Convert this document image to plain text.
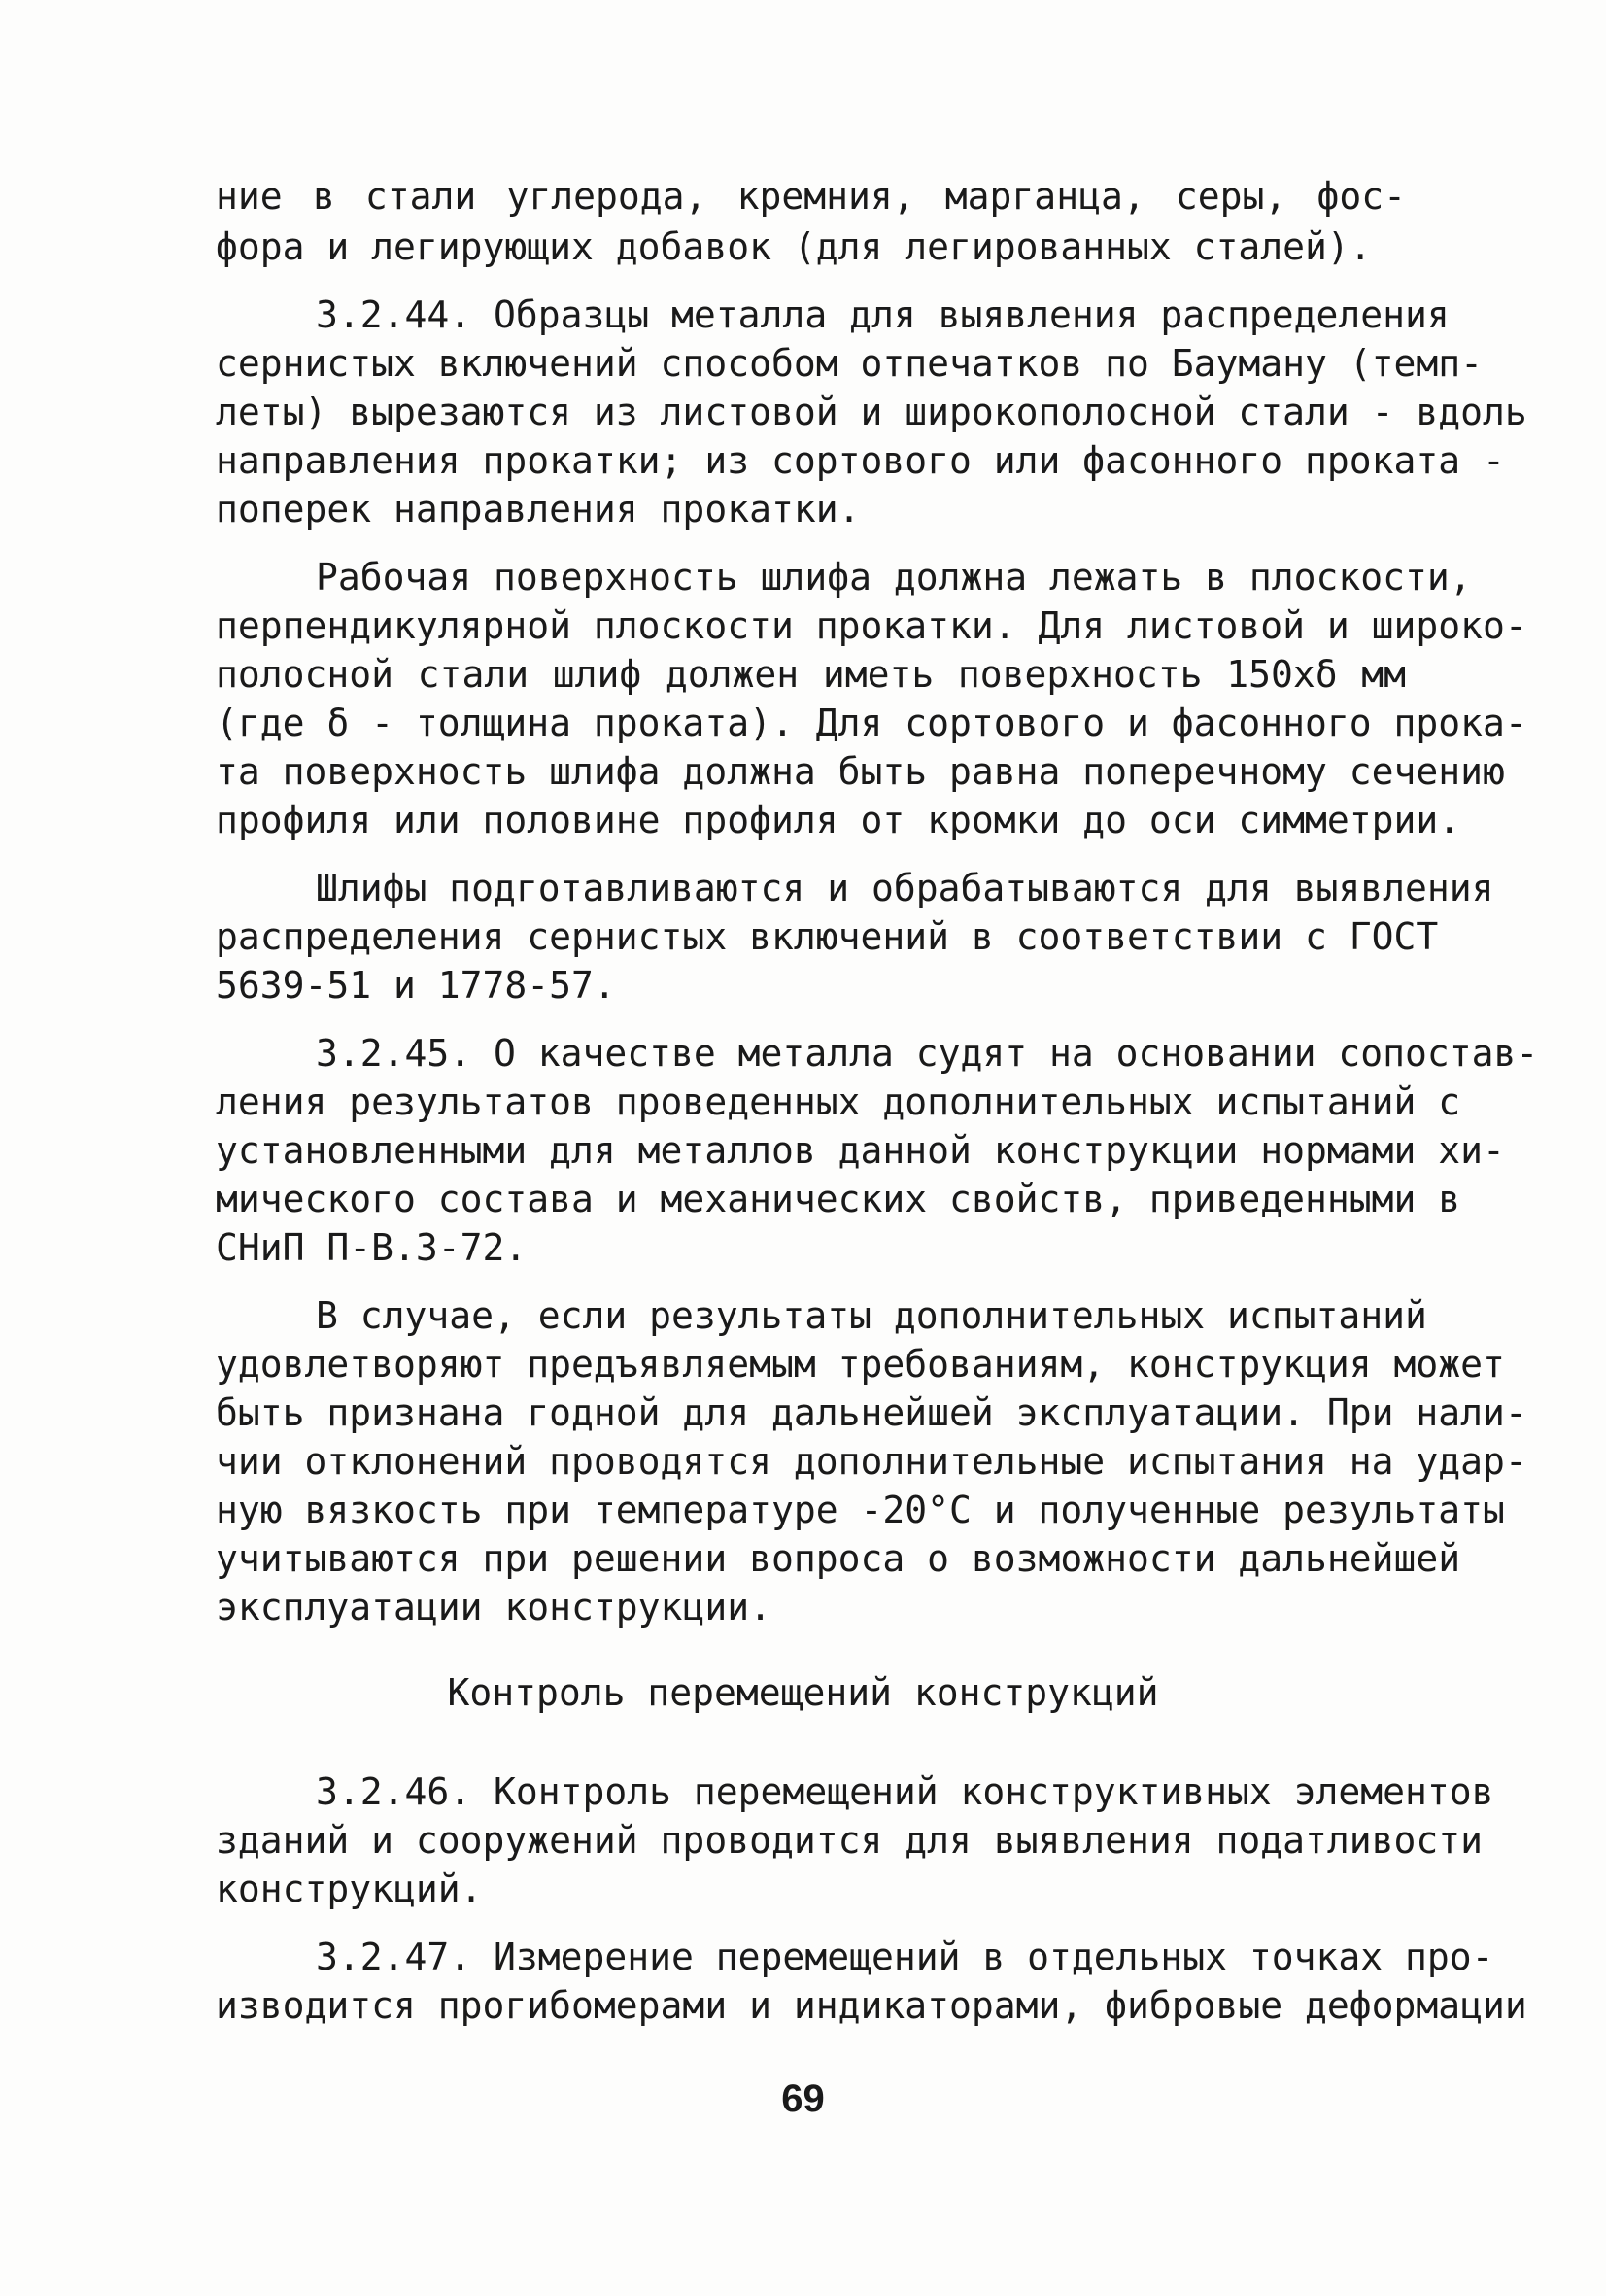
ние в стали углерода, кремния, марганца, серы, фос-
фора и легирующих добавок (для легированных сталей).
3.2.44. Образцы металла для выявления распределения
сернистых включений способом отпечатков по Бауману (темп-
леты) вырезаются из листовой и широкополосной стали - вдоль
направления прокатки; из сортового или фасонного проката -
поперек направления прокатки.
Рабочая поверхность шлифа должна лежать в плоскости,
перпендикулярной плоскости прокатки. Для листовой и широко-
полосной стали шлиф должен иметь поверхность 150хδ мм
(где δ - толщина проката). Для сортового и фасонного прока-
та поверхность шлифа должна быть равна поперечному сечению
профиля или половине профиля от кромки до оси симметрии.
Шлифы подготавливаются и обрабатываются для выявления
распределения сернистых включений в соответствии с ГОСТ
5639-51 и 1778-57.
3.2.45. О качестве металла судят на основании сопостав-
ления результатов проведенных дополнительных испытаний с
установленными для металлов данной конструкции нормами хи-
мического состава и механических свойств, приведенными в
СНиП П-В.3-72.
В случае, если результаты дополнительных испытаний
удовлетворяют предъявляемым требованиям, конструкция может
быть признана годной для дальнейшей эксплуатации. При нали-
чии отклонений проводятся дополнительные испытания на удар-
ную вязкость при температуре -20°С и полученные результаты
учитываются при решении вопроса о возможности дальнейшей
эксплуатации конструкции.
Контроль перемещений конструкций
3.2.46. Контроль перемещений конструктивных элементов
зданий и сооружений проводится для выявления податливости
конструкций.
3.2.47. Измерение перемещений в отдельных точках про-
изводится прогибомерами и индикаторами, фибровые деформации
69
